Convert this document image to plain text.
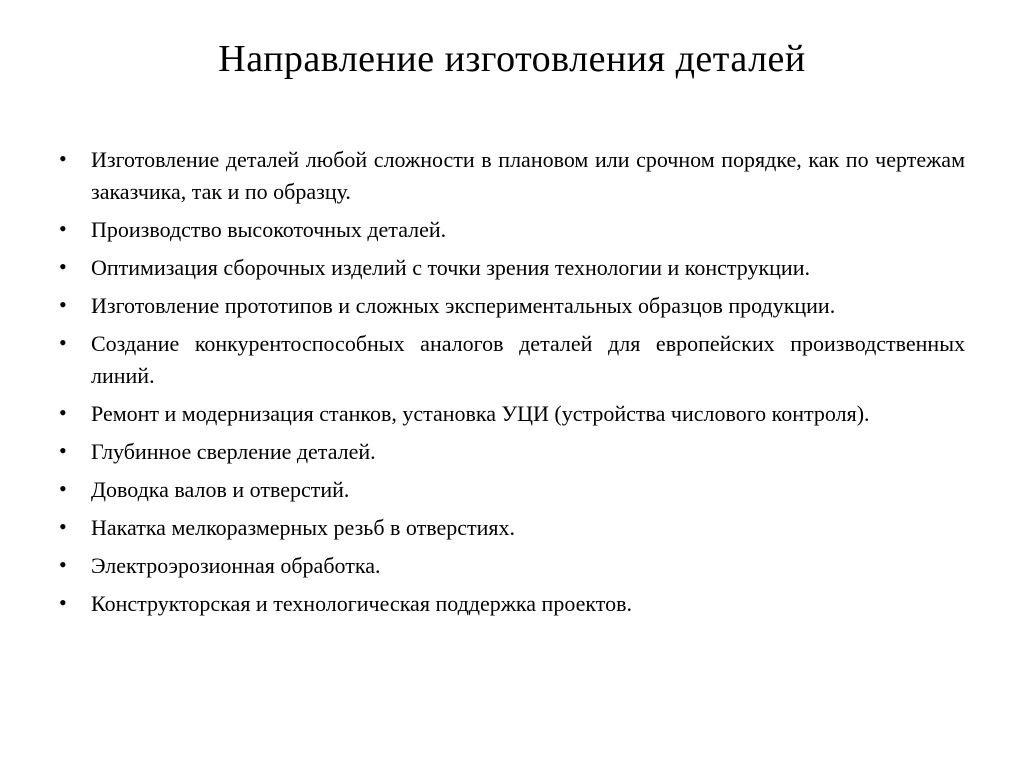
Направление изготовления деталей
• Изготовление деталей любой сложности в плановом или срочном порядке, как по чертежам заказчика, так и по образцу.
• Производство высокоточных деталей.
• Оптимизация сборочных изделий с точки зрения технологии и конструкции.
• Изготовление прототипов и сложных экспериментальных образцов продукции.
• Создание конкурентоспособных аналогов деталей для европейских производственных линий.
• Ремонт и модернизация станков, установка УЦИ (устройства числового контроля).
• Глубинное сверление деталей.
• Доводка валов и отверстий.
• Накатка мелкоразмерных резьб в отверстиях.
• Электроэрозионная обработка.
• Конструкторская и технологическая поддержка проектов.
